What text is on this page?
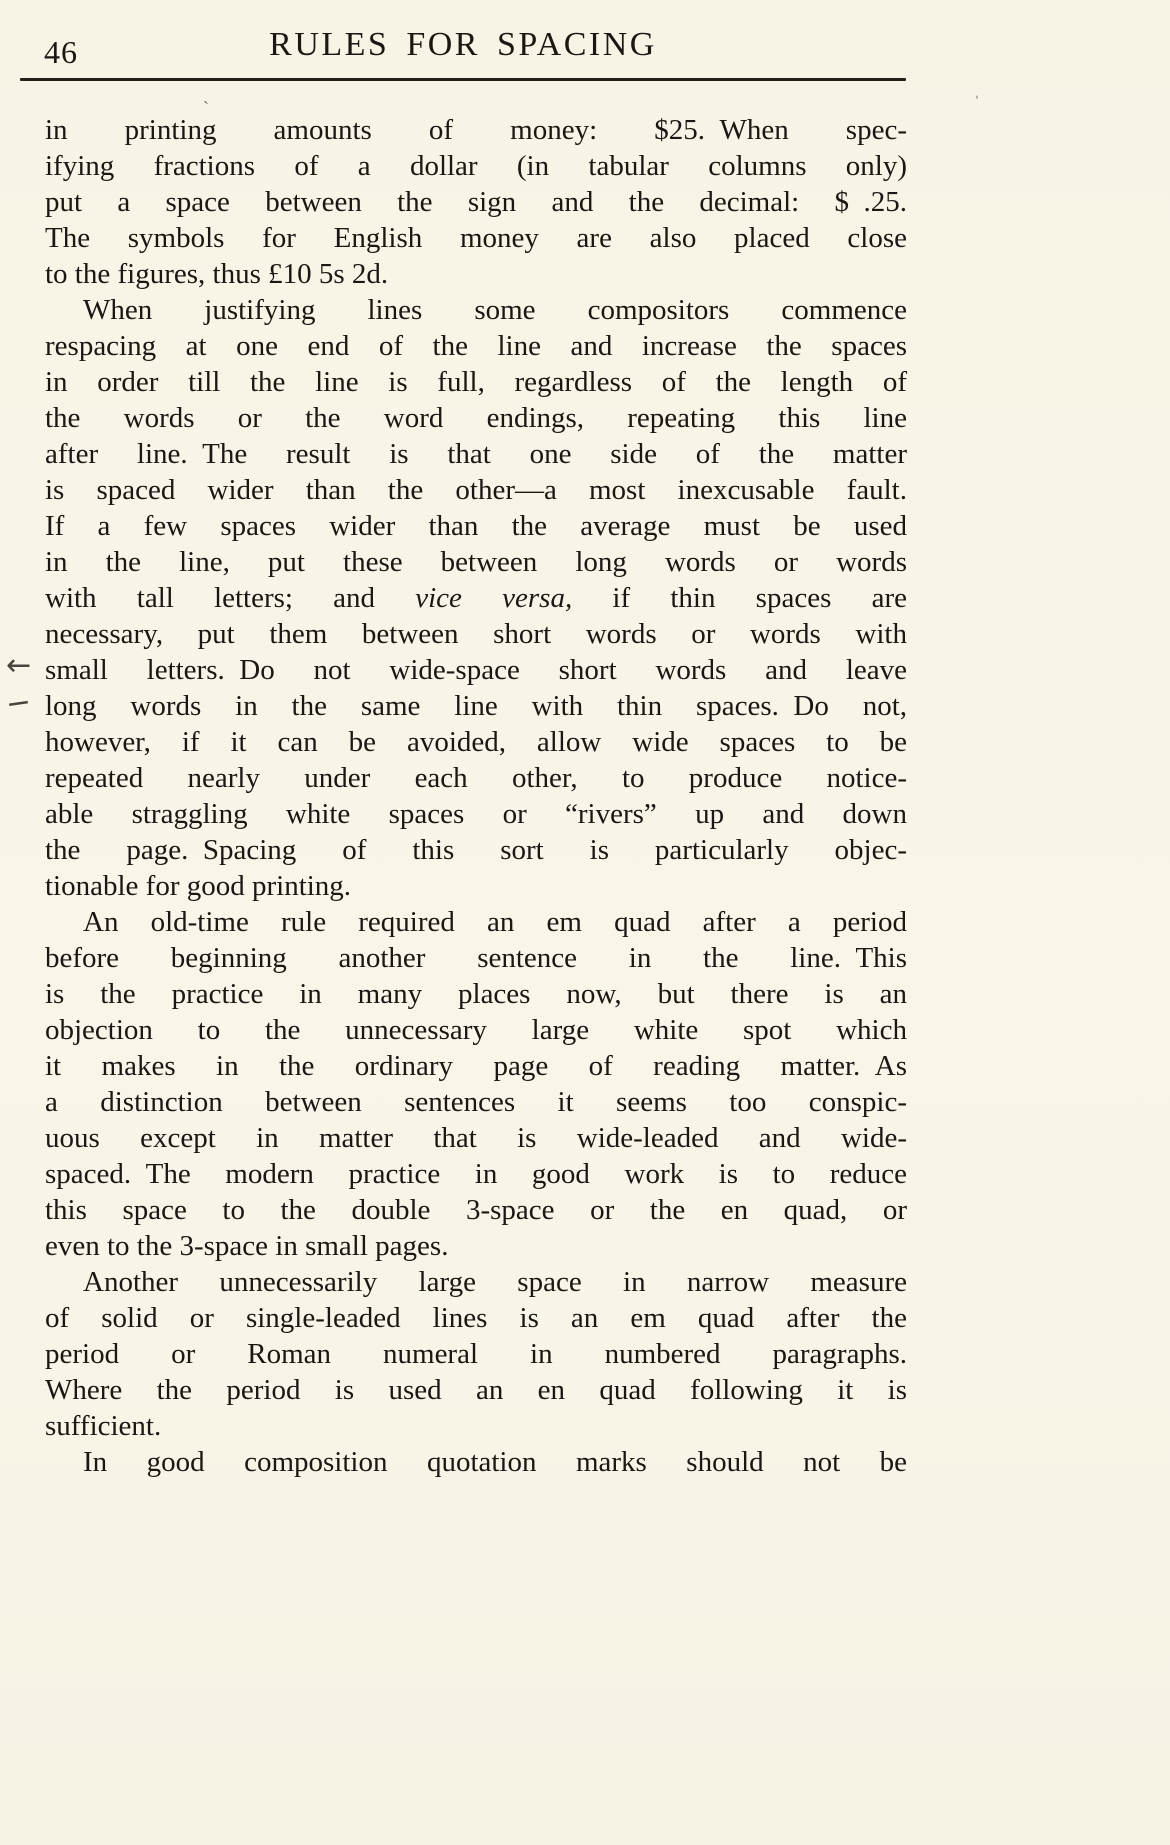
46	RULES FOR SPACING
in printing amounts of money: $25. When spec-
ifying fractions of a dollar (in tabular columns only)
put a space between the sign and the decimal: $ .25.
The symbols for English money are also placed close
to the figures, thus £10 5s 2d.
When justifying lines some compositors commence
respacing at one end of the line and increase the spaces
in order till the line is full, regardless of the length of
the words or the word endings, repeating this line
after line. The result is that one side of the matter
is spaced wider than the other—a most inexcusable fault.
If a few spaces wider than the average must be used
in the line, put these between long words or words
with tall letters; and vice versa, if thin spaces are
necessary, put them between short words or words with
small letters. Do not wide-space short words and leave
long words in the same line with thin spaces. Do not,
however, if it can be avoided, allow wide spaces to be
repeated nearly under each other, to produce notice-
able straggling white spaces or “rivers” up and down
the page. Spacing of this sort is particularly objec-
tionable for good printing.
An old-time rule required an em quad after a period
before beginning another sentence in the line. This
is the practice in many places now, but there is an
objection to the unnecessary large white spot which
it makes in the ordinary page of reading matter. As
a distinction between sentences it seems too conspic-
uous except in matter that is wide-leaded and wide-
spaced. The modern practice in good work is to reduce
this space to the double 3-space or the en quad, or
even to the 3-space in small pages.
Another unnecessarily large space in narrow measure
of solid or single-leaded lines is an em quad after the
period or Roman numeral in numbered paragraphs.
Where the period is used an en quad following it is
sufficient.
In good composition quotation marks should not be
←
−
ˏ	ˈ
